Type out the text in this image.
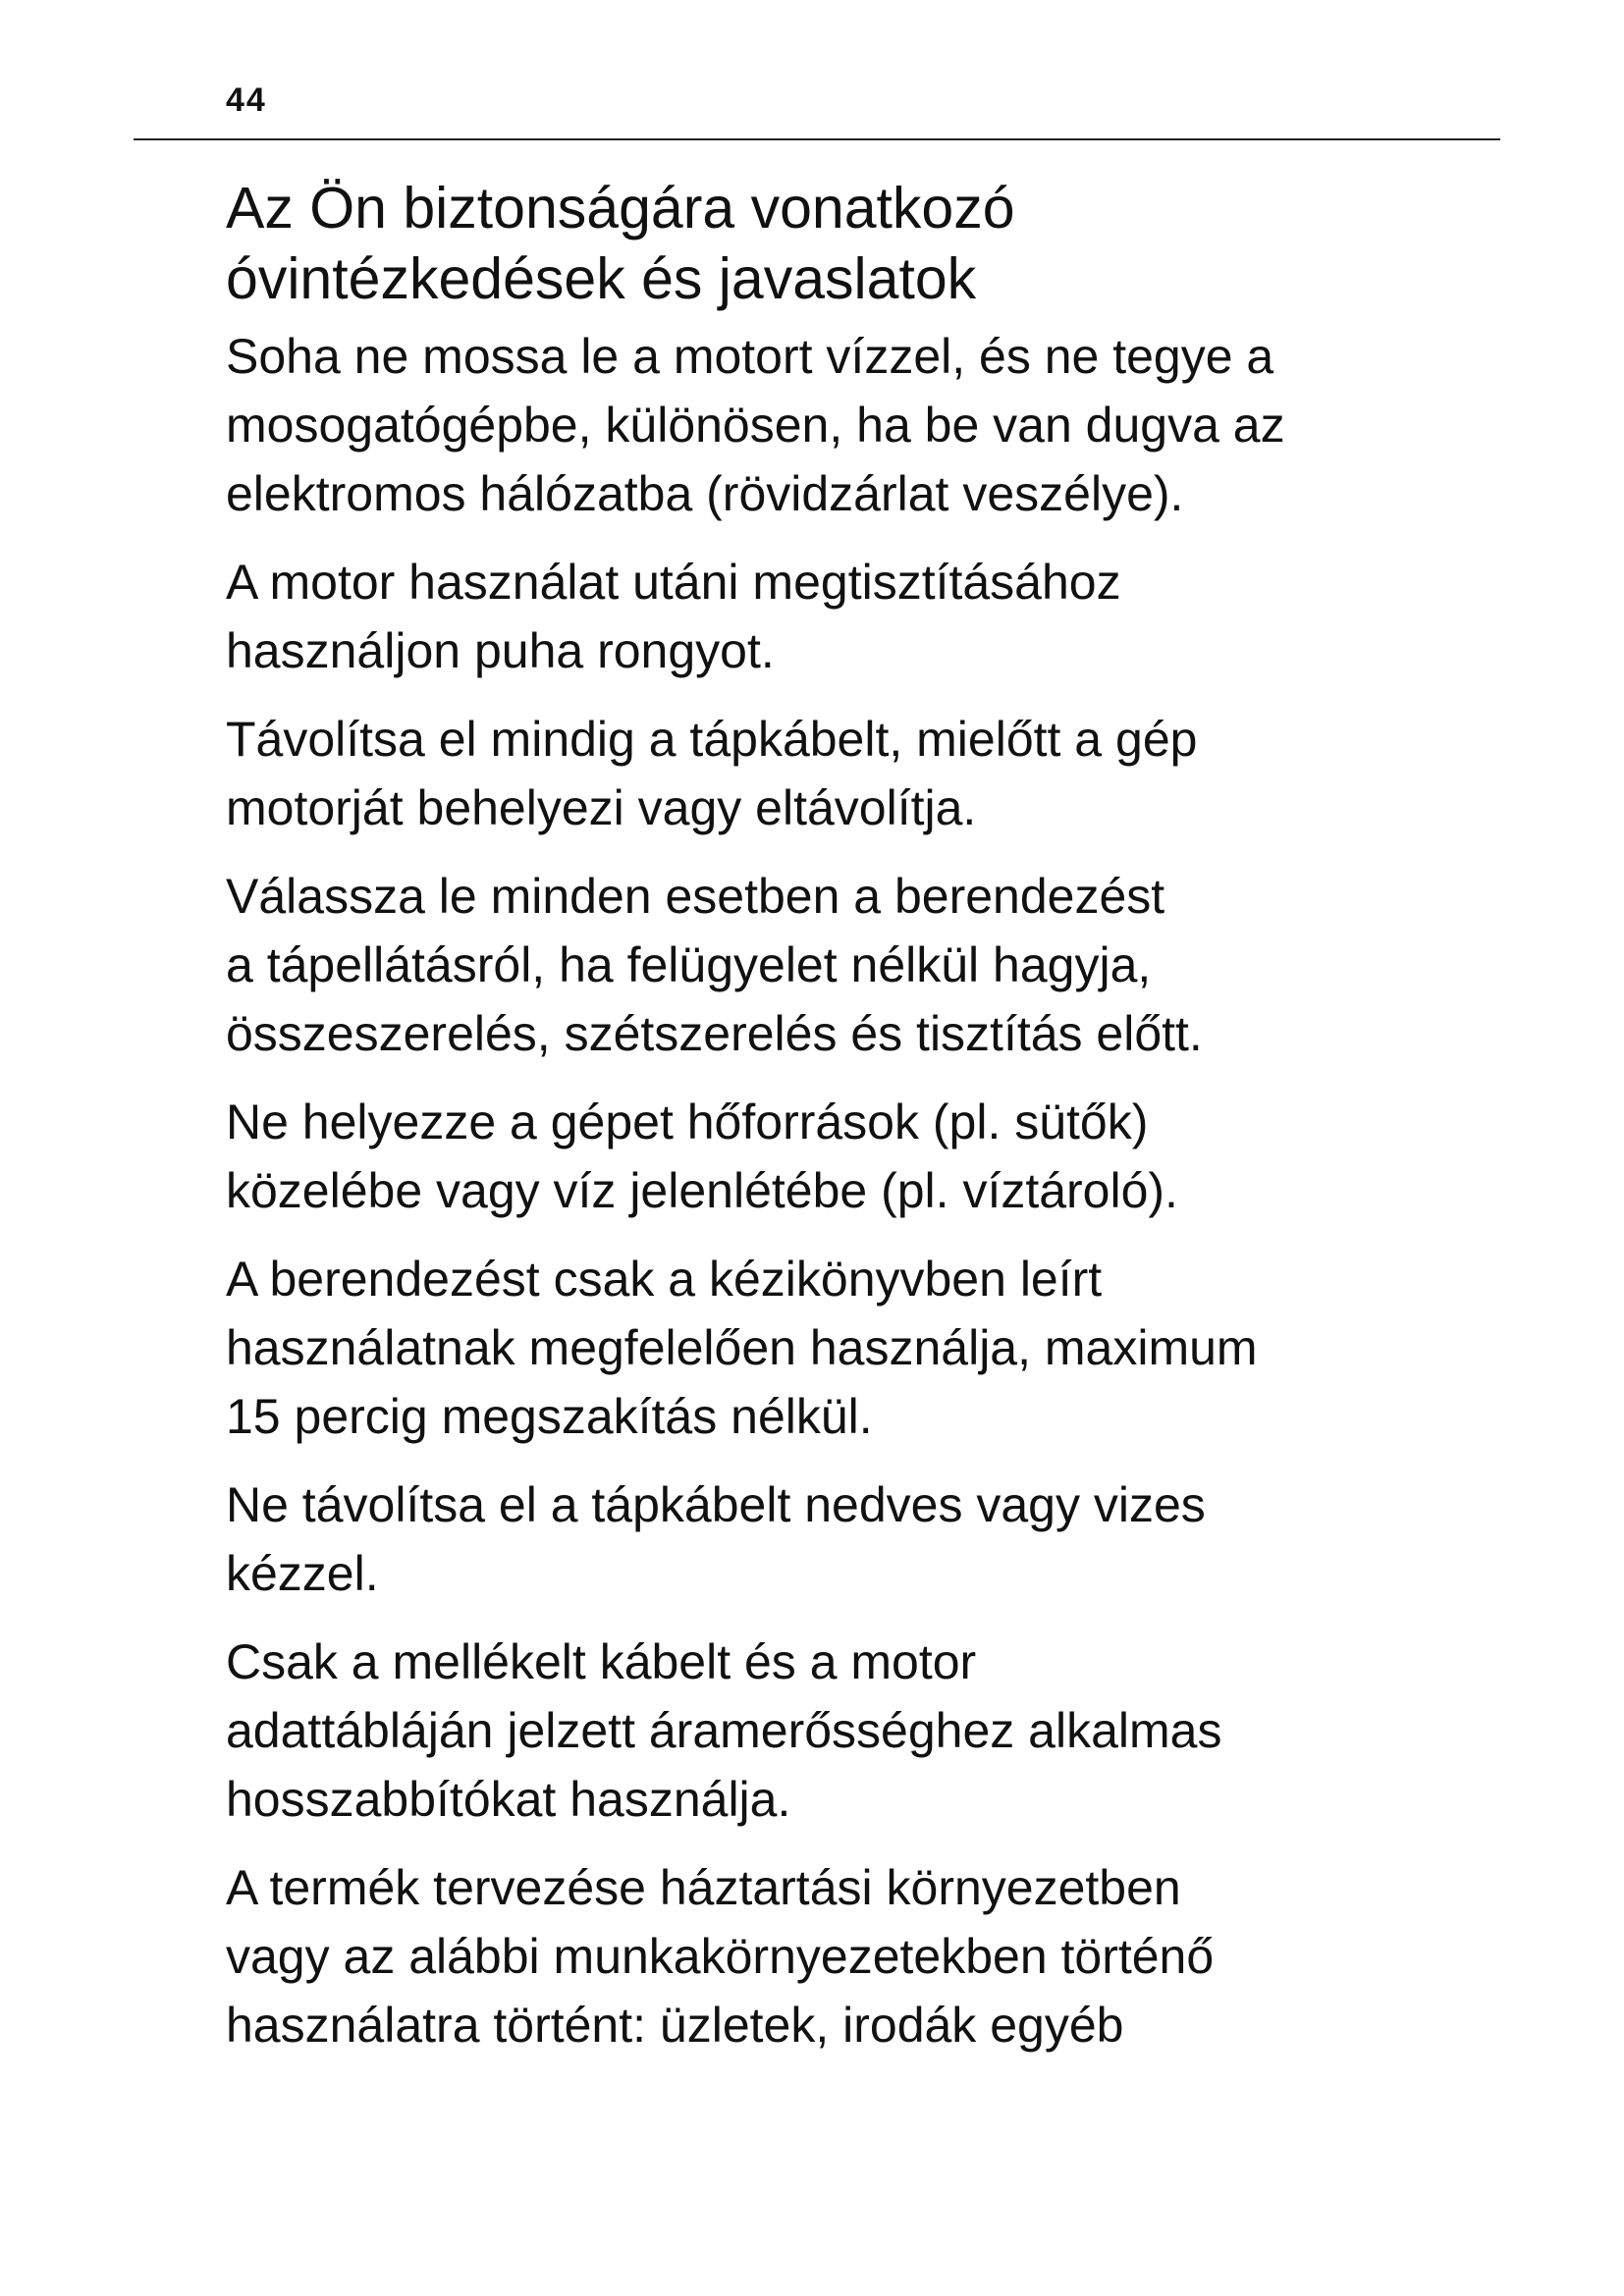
44
Az Ön biztonságára vonatkozó
óvintézkedések és javaslatok

Soha ne mossa le a motort vízzel, és ne tegye a
mosogatógépbe, különösen, ha be van dugva az
elektromos hálózatba (rövidzárlat veszélye).

A motor használat utáni megtisztításához
használjon puha rongyot.

Távolítsa el mindig a tápkábelt, mielőtt a gép
motorját behelyezi vagy eltávolítja.

Válassza le minden esetben a berendezést
a tápellátásról, ha felügyelet nélkül hagyja,
összeszerelés, szétszerelés és tisztítás előtt.

Ne helyezze a gépet hőforrások (pl. sütők)
közelébe vagy víz jelenlétébe (pl. víztároló).

A berendezést csak a kézikönyvben leírt
használatnak megfelelően használja, maximum
15 percig megszakítás nélkül.

Ne távolítsa el a tápkábelt nedves vagy vizes
kézzel.

Csak a mellékelt kábelt és a motor
adattábláján jelzett áramerősséghez alkalmas
hosszabbítókat használja.

A termék tervezése háztartási környezetben
vagy az alábbi munkakörnyezetekben történő
használatra történt: üzletek, irodák egyéb
